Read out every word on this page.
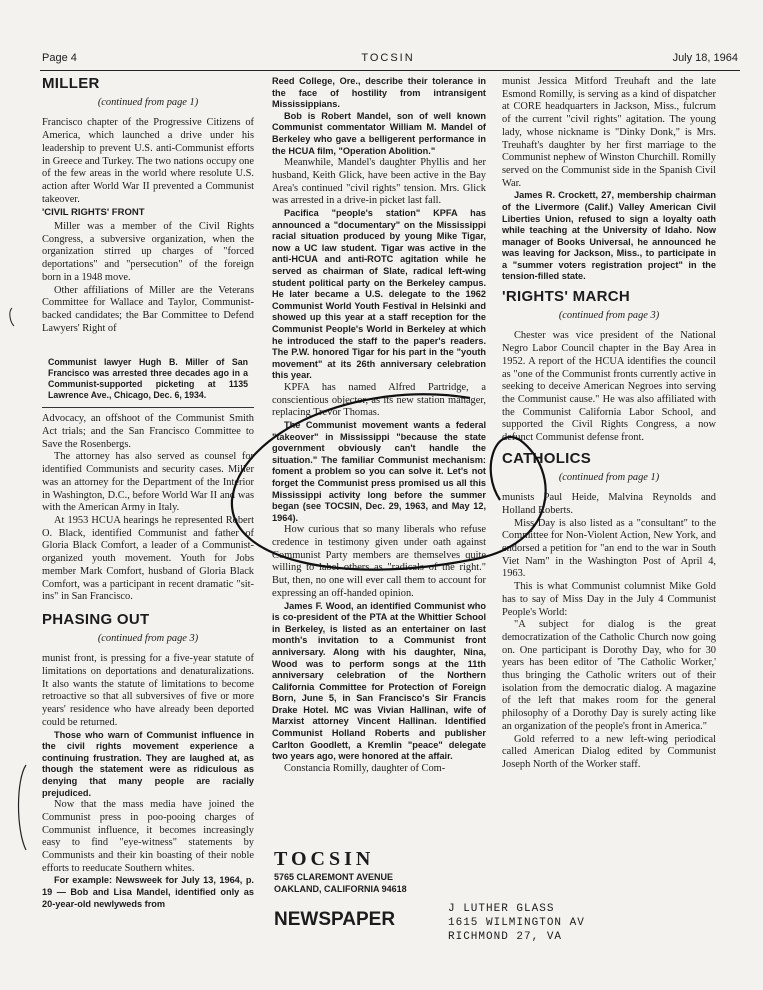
Page 4	TOCSIN	July 18, 1964
MILLER

(continued from page 1)

Francisco chapter of the Progressive Citizens of America, which launched a drive under his leadership to prevent U.S. anti-Communist efforts in Greece and Turkey. The two nations occupy one of the few areas in the world where resolute U.S. action after World War II prevented a Communist takeover.

'CIVIL RIGHTS' FRONT

Miller was a member of the Civil Rights Congress, a subversive organization, when the organization stirred up charges of "forced deportations" and "persecution" of the foreign born in a 1948 move.

Other affiliations of Miller are the Veterans Committee for Wallace and Taylor, Communist-backed candidates; the Bar Committee to Defend Lawyers' Right of

Communist lawyer Hugh B. Miller of San Francisco was arrested three decades ago in a Communist-supported picketing at 1135 Lawrence Ave., Chicago, Dec. 6, 1934.

Advocacy, an offshoot of the Communist Smith Act trials; and the San Francisco Committee to Save the Rosenbergs.

The attorney has also served as counsel for identified Communists and security cases. Miller was an attorney for the Department of the Interior in Washington, D.C., before World War II and was with the American Army in Italy.

At 1953 HCUA hearings he represented Robert O. Black, identified Communist and father of Gloria Black Comfort, a leader of a Communist-organized youth movement. Youth for Jobs member Mark Comfort, husband of Gloria Black Comfort, was a participant in recent dramatic "sit-ins" in San Francisco.

PHASING OUT

(continued from page 3)

munist front, is pressing for a five-year statute of limitations on deportations and denaturalizations. It also wants the statute of limitations to become retroactive so that all subversives of five or more years' residence who have already been deported could be returned.

Those who warn of Communist influence in the civil rights movement experience a continuing frustration. They are laughed at, as though the statement were as ridiculous as denying that many people are racially prejudiced.

Now that the mass media have joined the Communist press in poo-pooing charges of Communist influence, it becomes increasingly easy to find "eye-witness" statements by Communists and their kin boasting of their noble efforts to reeducate Southern whites.

For example: Newsweek for July 13, 1964, p. 19 — Bob and Lisa Mandel, identified only as 20-year-old newlyweds from

Reed College, Ore., describe their tolerance in the face of hostility from intransigent Mississippians.

Bob is Robert Mandel, son of well known Communist commentator William M. Mandel of Berkeley who gave a belligerent performance in the HCUA film, "Operation Abolition."

Meanwhile, Mandel's daughter Phyllis and her husband, Keith Glick, have been active in the Bay Area's continued "civil rights" tension. Mrs. Glick was arrested in a drive-in picket last fall.

Pacifica "people's station" KPFA has announced a "documentary" on the Mississippi racial situation produced by young Mike Tigar, now a UC law student. Tigar was active in the anti-HCUA and anti-ROTC agitation while he served as chairman of Slate, radical left-wing student political party on the Berkeley campus. He later became a U.S. delegate to the 1962 Communist World Youth Festival in Helsinki and showed up this year at a staff reception for the Communist People's World in Berkeley at which he introduced the staff to the paper's readers. The P.W. honored Tigar for his part in the "youth movement" at its 26th anniversary celebration this year.

KPFA has named Alfred Partridge, a conscientious objector, as its new station manager, replacing Trevor Thomas.

The Communist movement wants a federal "takeover" in Mississippi "because the state government obviously can't handle the situation." The familiar Communist mechanism: foment a problem so you can solve it. Let's not forget the Communist press promised us all this Mississippi activity long before the summer began (see TOCSIN, Dec. 29, 1963, and May 12, 1964).

How curious that so many liberals who refuse credence in testimony given under oath against Communist Party members are themselves quite willing to label others as "radicals of the right." But, then, no one will ever call them to account for expressing an off-handed opinion.

James F. Wood, an identified Communist who is co-president of the PTA at the Whittier School in Berkeley, is listed as an entertainer on last month's invitation to a Communist front anniversary. Along with his daughter, Nina, Wood was to perform songs at the 11th anniversary celebration of the Northern California Committee for Protection of Foreign Born, June 5, in San Francisco's Sir Francis Drake Hotel. MC was Vivian Hallinan, wife of Marxist attorney Vincent Hallinan. Identified Communist Holland Roberts and publisher Carlton Goodlett, a Kremlin "peace" delegate two years ago, were honored at the affair.

Constancia Romilly, daughter of Com-

TOCSIN
5765 CLAREMONT AVENUE
OAKLAND, CALIFORNIA 94618
NEWSPAPER	J LUTHER GLASS
1615 WILMINGTON AV
RICHMOND 27, VA

munist Jessica Mitford Treuhaft and the late Esmond Romilly, is serving as a kind of dispatcher at CORE headquarters in Jackson, Miss., fulcrum of the current "civil rights" agitation. The young lady, whose nickname is "Dinky Donk," is Mrs. Treuhaft's daughter by her first marriage to the Communist nephew of Winston Churchill. Romilly served on the Communist side in the Spanish Civil War.

James R. Crockett, 27, membership chairman of the Livermore (Calif.) Valley American Civil Liberties Union, refused to sign a loyalty oath while teaching at the University of Idaho. Now manager of Books Universal, he announced he was leaving for Jackson, Miss., to participate in a "summer voters registration project" in the tension-filled state.

'RIGHTS' MARCH

(continued from page 3)

Chester was vice president of the National Negro Labor Council chapter in the Bay Area in 1952. A report of the HCUA identifies the council as "one of the Communist fronts currently active in seeking to deceive American Negroes into serving the Communist cause." He was also affiliated with the Communist California Labor School, and supported the Civil Rights Congress, a now defunct Communist defense front.

CATHOLICS

(continued from page 1)

munists Paul Heide, Malvina Reynolds and Holland Roberts.

Miss Day is also listed as a "consultant" to the Committee for Non-Violent Action, New York, and endorsed a petition for "an end to the war in South Viet Nam" in the Washington Post of April 4, 1963.

This is what Communist columnist Mike Gold has to say of Miss Day in the July 4 Communist People's World:

"A subject for dialog is the great democratization of the Catholic Church now going on. One participant is Dorothy Day, who for 30 years has been editor of 'The Catholic Worker,' thus bringing the Catholic writers out of their isolation from the democratic dialog. A magazine of the left that makes room for the general philosophy of a Dorothy Day is surely acting like an organization of the people's front in America."

Gold referred to a new left-wing periodical called American Dialog edited by Communist Joseph North of the Worker staff.
